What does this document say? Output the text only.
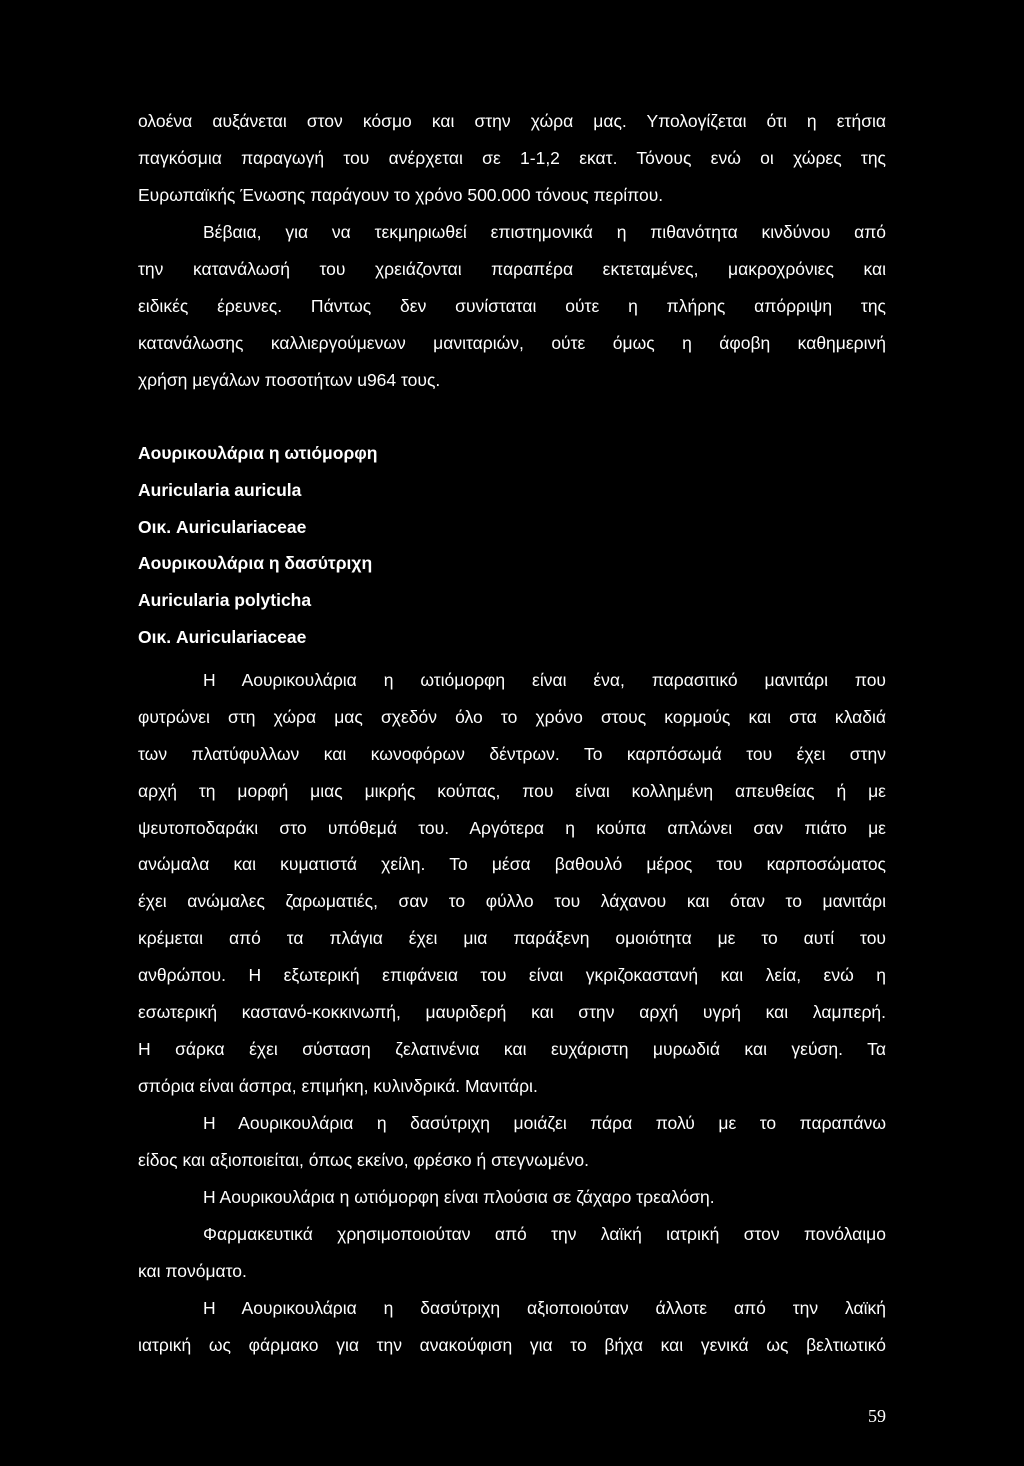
ολοένα αυξάνεται στον κόσμο και στην χώρα μας. Υπολογίζεται ότι η ετήσια
παγκόσμια παραγωγή του ανέρχεται σε 1-1,2 εκατ. Τόνους ενώ οι χώρες της
Ευρωπαϊκής Ένωσης παράγουν το χρόνο 500.000 τόνους περίπου.
Βέβαια, για να τεκμηριωθεί επιστημονικά η πιθανότητα κινδύνου από
την κατανάλωσή του χρειάζονται παραπέρα εκτεταμένες, μακροχρόνιες και
ειδικές έρευνες. Πάντως δεν συνίσταται ούτε η πλήρης απόρριψη της
κατανάλωσης καλλιεργούμενων μανιταριών, ούτε όμως η άφοβη καθημερινή
χρήση μεγάλων ποσοτήτων u964 τους.
Αουρικουλάρια η ωτιόμορφη
Auricularia auricula
Οικ. Auriculariaceae
Αουρικουλάρια η δασύτριχη
Auricularia polyticha
Οικ. Auriculariaceae
Η Αουρικουλάρια η ωτιόμορφη είναι ένα, παρασιτικό μανιτάρι που
φυτρώνει στη χώρα μας σχεδόν όλο το χρόνο στους κορμούς και στα κλαδιά
των πλατύφυλλων και κωνοφόρων δέντρων. Το καρπόσωμά του έχει στην
αρχή τη μορφή μιας μικρής κούπας, που είναι κολλημένη απευθείας ή με
ψευτοποδαράκι στο υπόθεμά του. Αργότερα η κούπα απλώνει σαν πιάτο με
ανώμαλα και κυματιστά χείλη. Το μέσα βαθουλό μέρος του καρποσώματος
έχει ανώμαλες ζαρωματιές, σαν το φύλλο του λάχανου και όταν το μανιτάρι
κρέμεται από τα πλάγια έχει μια παράξενη ομοιότητα με το αυτί του
ανθρώπου. Η εξωτερική επιφάνεια του είναι γκριζοκαστανή και λεία, ενώ η
εσωτερική καστανό-κοκκινωπή, μαυριδερή και στην αρχή υγρή και λαμπερή.
Η σάρκα έχει σύσταση ζελατινένια και ευχάριστη μυρωδιά και γεύση. Τα
σπόρια είναι άσπρα, επιμήκη, κυλινδρικά. Μανιτάρι.
Η Αουρικουλάρια η δασύτριχη μοιάζει πάρα πολύ με το παραπάνω
είδος και αξιοποιείται, όπως εκείνο, φρέσκο ή στεγνωμένο.
Η Αουρικουλάρια η ωτιόμορφη είναι πλούσια σε ζάχαρο τρεαλόση.
Φαρμακευτικά χρησιμοποιούταν από την λαϊκή ιατρική στον πονόλαιμο
και πονόματο.
Η Αουρικουλάρια η δασύτριχη αξιοποιούταν άλλοτε από την λαϊκή
ιατρική ως φάρμακο για την ανακούφιση για το βήχα και γενικά ως βελτιωτικό
59
